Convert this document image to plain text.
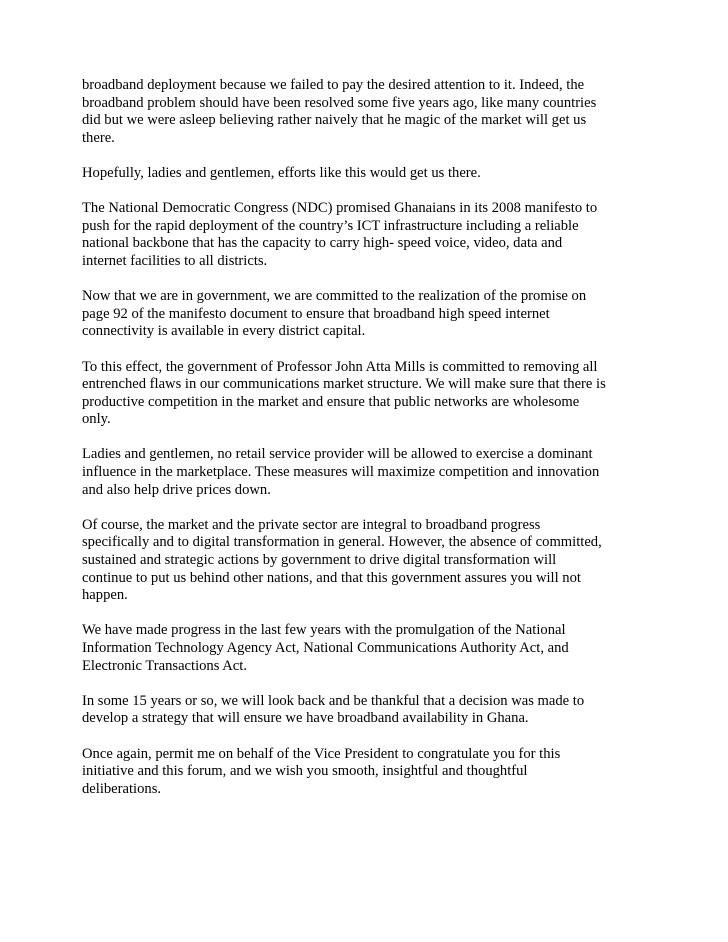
broadband deployment because we failed to pay the desired attention to it. Indeed, the
broadband problem should have been resolved some five years ago, like many countries
did but we were asleep believing rather naively that he magic of the market will get us
there.

Hopefully, ladies and gentlemen, efforts like this would get us there.

The National Democratic Congress (NDC) promised Ghanaians in its 2008 manifesto to
push for the rapid deployment of the country’s ICT infrastructure including a reliable
national backbone that has the capacity to carry high- speed voice, video, data and
internet facilities to all districts.

Now that we are in government, we are committed to the realization of the promise on
page 92 of the manifesto document to ensure that broadband high speed internet
connectivity is available in every district capital.

To this effect, the government of Professor John Atta Mills is committed to removing all
entrenched flaws in our communications market structure. We will make sure that there is
productive competition in the market and ensure that public networks are wholesome
only.

Ladies and gentlemen, no retail service provider will be allowed to exercise a dominant
influence in the marketplace. These measures will maximize competition and innovation
and also help drive prices down.

Of course, the market and the private sector are integral to broadband progress
specifically and to digital transformation in general. However, the absence of committed,
sustained and strategic actions by government to drive digital transformation will
continue to put us behind other nations, and that this government assures you will not
happen.

We have made progress in the last few years with the promulgation of the National
Information Technology Agency Act, National Communications Authority Act, and
Electronic Transactions Act.

In some 15 years or so, we will look back and be thankful that a decision was made to
develop a strategy that will ensure we have broadband availability in Ghana.

Once again, permit me on behalf of the Vice President to congratulate you for this
initiative and this forum, and we wish you smooth, insightful and thoughtful
deliberations.
